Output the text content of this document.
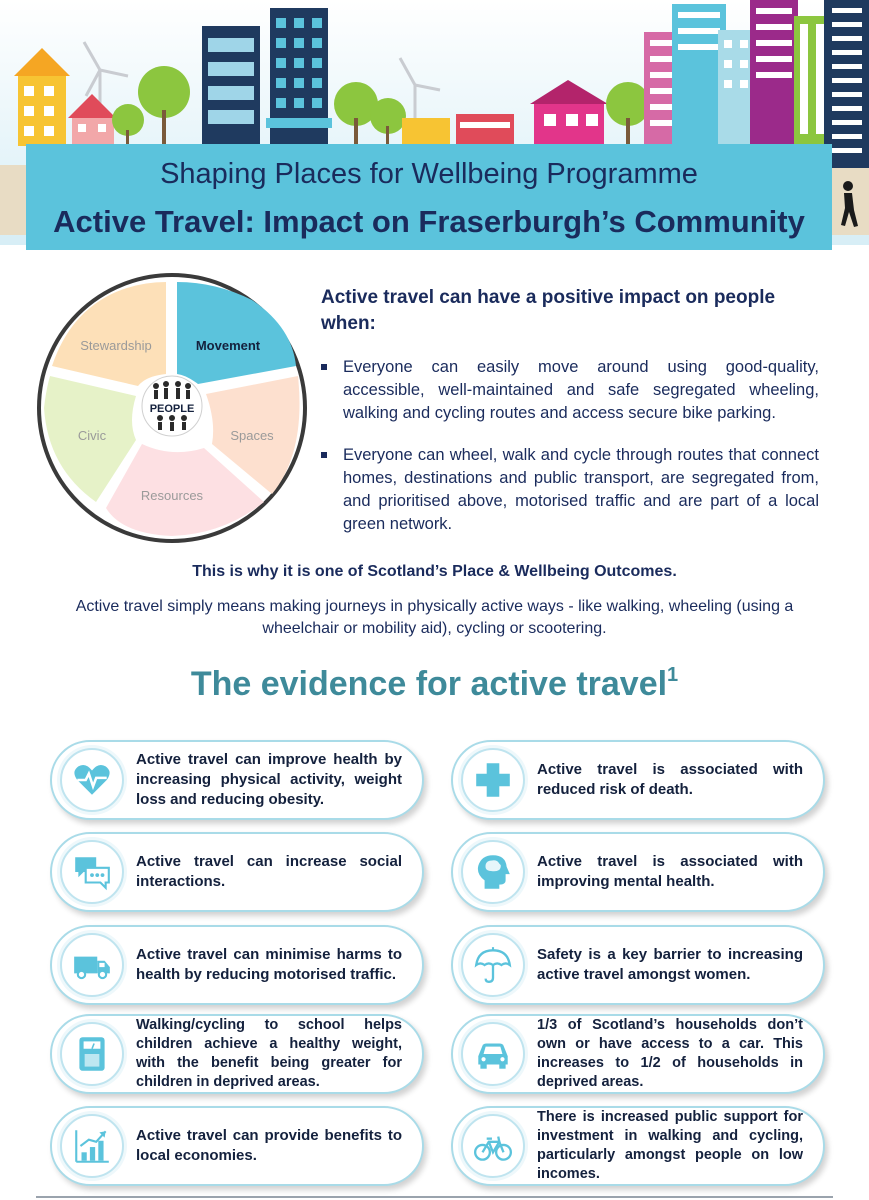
Shaping Places for Wellbeing Programme
Active Travel: Impact on Fraserburgh’s Community
Movement
Spaces
Resources
Civic
Stewardship
PEOPLE
Active travel can have a positive impact on people when:
Everyone can easily move around using good-quality, accessible, well-maintained and safe segregated wheeling, walking and cycling routes and access secure bike parking.
Everyone can wheel, walk and cycle through routes that connect homes, destinations and public transport, are segregated from, and prioritised above, motorised traffic and are part of a local green network.
This is why it is one of Scotland’s Place & Wellbeing Outcomes.
Active travel simply means making journeys in physically active ways - like walking, wheeling (using a wheelchair or mobility aid), cycling or scootering.
The evidence for active travel$^1$
Active travel can improve health by increasing physical activity, weight loss and reducing obesity.
Active travel is associated with reduced risk of death.
Active travel can increase social interactions.
Active travel is associated with improving mental health.
Active travel can minimise harms to health by reducing motorised traffic.
Safety is a key barrier to increasing active travel amongst women.
Walking/cycling to school helps children achieve a healthy weight, with the benefit being greater for children in deprived areas.
1/3 of Scotland’s households don’t own or have access to a car. This increases to 1/2 of households in deprived areas.
Active travel can provide benefits to local economies.
There is increased public support for investment in walking and cycling, particularly amongst people on low incomes.
